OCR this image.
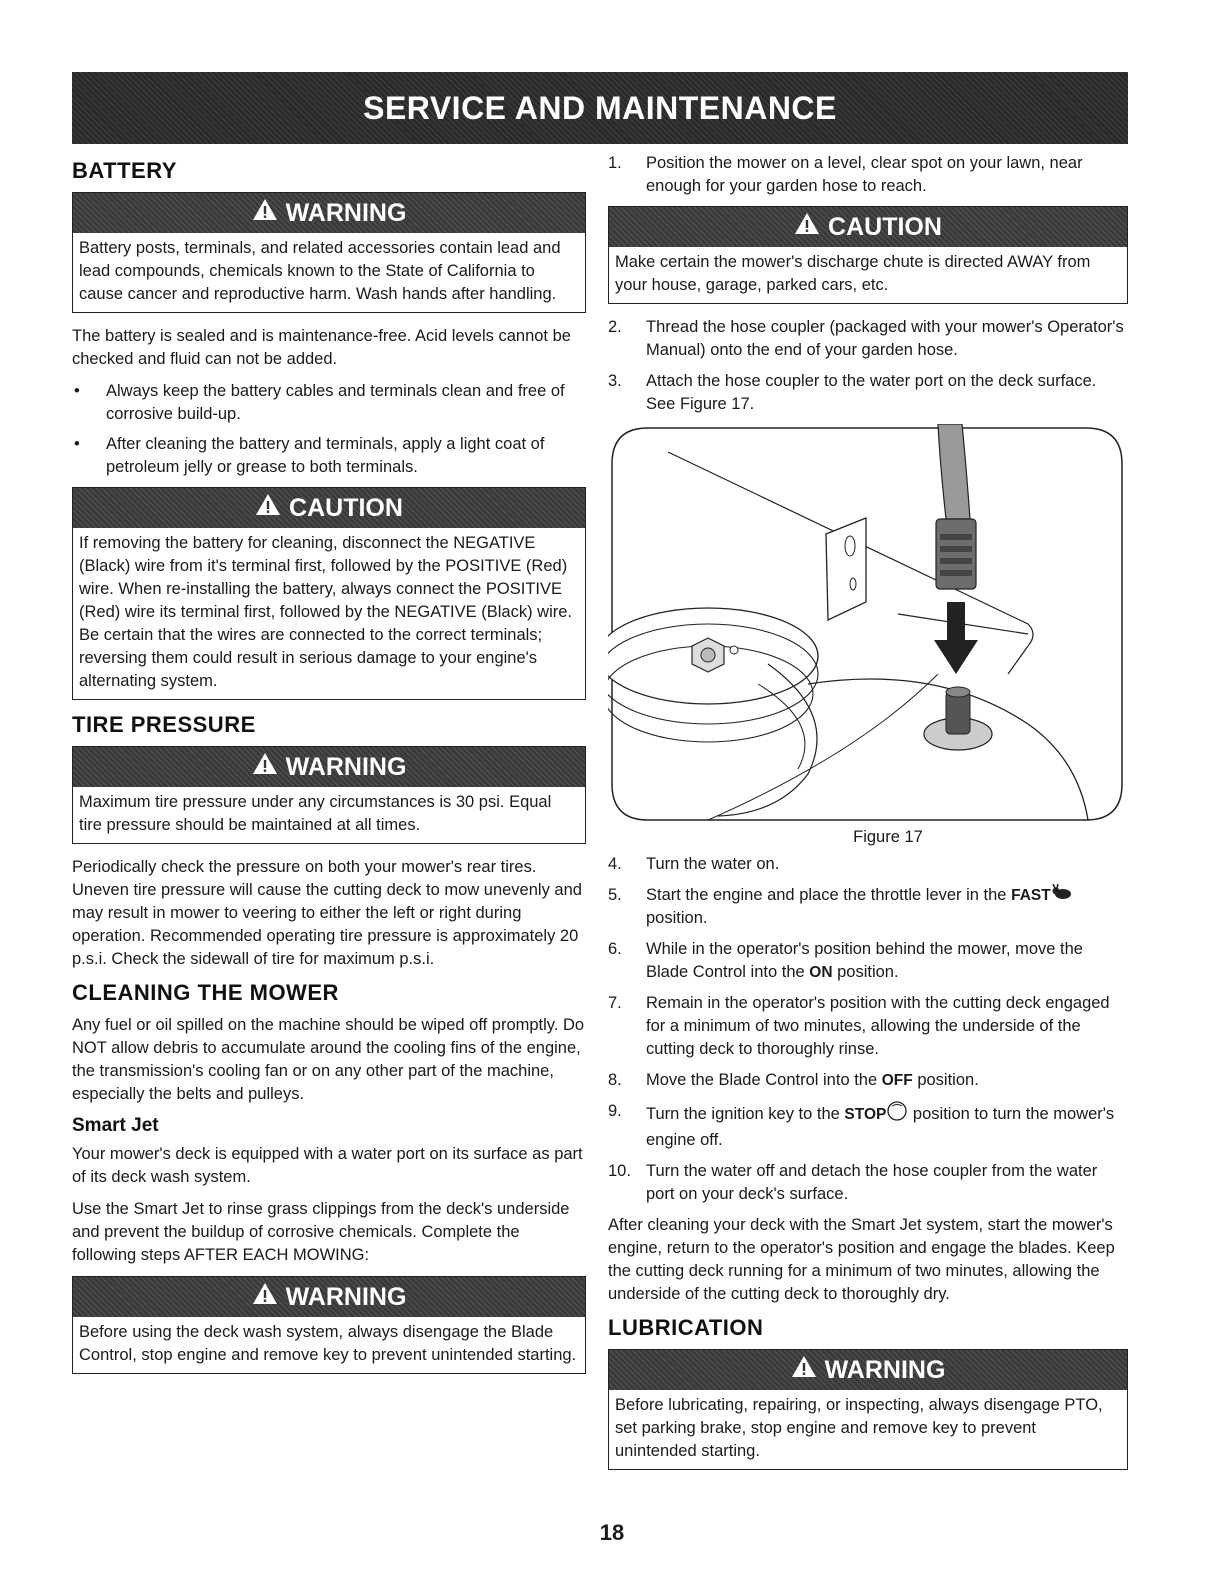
SERVICE AND MAINTENANCE
BATTERY
WARNING
Battery posts, terminals, and related accessories contain lead and lead compounds, chemicals known to the State of California to cause cancer and reproductive harm. Wash hands after handling.

The battery is sealed and is maintenance-free. Acid levels cannot be checked and fluid can not be added.

• Always keep the battery cables and terminals clean and free of corrosive build-up.
• After cleaning the battery and terminals, apply a light coat of petroleum jelly or grease to both terminals.
CAUTION
If removing the battery for cleaning, disconnect the NEGATIVE (Black) wire from it's terminal first, followed by the POSITIVE (Red) wire. When re-installing the battery, always connect the POSITIVE (Red) wire its terminal first, followed by the NEGATIVE (Black) wire. Be certain that the wires are connected to the correct terminals; reversing them could result in serious damage to your engine's alternating system.
TIRE PRESSURE
WARNING
Maximum tire pressure under any circumstances is 30 psi. Equal tire pressure should be maintained at all times.

Periodically check the pressure on both your mower's rear tires. Uneven tire pressure will cause the cutting deck to mow unevenly and may result in mower to veering to either the left or right during operation. Recommended operating tire pressure is approximately 20 p.s.i. Check the sidewall of tire for maximum p.s.i.

CLEANING THE MOWER

Any fuel or oil spilled on the machine should be wiped off promptly. Do NOT allow debris to accumulate around the cooling fins of the engine, the transmission's cooling fan or on any other part of the machine, especially the belts and pulleys.

Smart Jet

Your mower's deck is equipped with a water port on its surface as part of its deck wash system.

Use the Smart Jet to rinse grass clippings from the deck's underside and prevent the buildup of corrosive chemicals. Complete the following steps AFTER EACH MOWING:

WARNING
Before using the deck wash system, always disengage the Blade Control, stop engine and remove key to prevent unintended starting.
1. Position the mower on a level, clear spot on your lawn, near enough for your garden hose to reach.
CAUTION
Make certain the mower's discharge chute is directed AWAY from your house, garage, parked cars, etc.
2. Thread the hose coupler (packaged with your mower's Operator's Manual) onto the end of your garden hose.
3. Attach the hose coupler to the water port on the deck surface. See Figure 17.
Figure 17
4. Turn the water on.
5. Start the engine and place the throttle lever in the FAST position.
6. While in the operator's position behind the mower, move the Blade Control into the ON position.
7. Remain in the operator's position with the cutting deck engaged for a minimum of two minutes, allowing the underside of the cutting deck to thoroughly rinse.
8. Move the Blade Control into the OFF position.
9. Turn the ignition key to the STOP position to turn the mower's engine off.
10. Turn the water off and detach the hose coupler from the water port on your deck's surface.

After cleaning your deck with the Smart Jet system, start the mower's engine, return to the operator's position and engage the blades. Keep the cutting deck running for a minimum of two minutes, allowing the underside of the cutting deck to thoroughly dry.

LUBRICATION
WARNING
Before lubricating, repairing, or inspecting, always disengage PTO, set parking brake, stop engine and remove key to prevent unintended starting.
18
